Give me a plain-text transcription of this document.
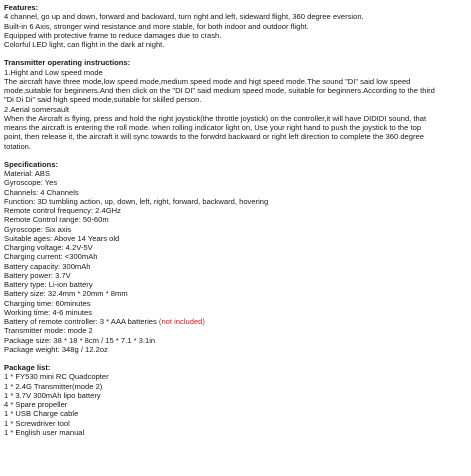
Features:
4 channel, go up and down, forward and backward, turn right and left, sideward flight, 360 degree eversion.
Built-in 6 Axis, stronger wind resistance and more stable, for both indoor and outdoor flight.
Equipped with protective frame to reduce damages due to crash.
Colorful LED light, can flight in the dark at night.
Transmitter operating instructions:
1.Hight and Low speed mode
The aircraft have three mode,low speed mode,medium speed mode and higt speed mode.The sound "DI" said low speed
mode,suitable for beginners.And then click on the "DI DI" said medium speed mode, suitable for beginners.According to the third
"Di Di Di" said high speed mode,suitable for skilled person.
2.Aerial somersault
When the Aircraft is flying, press and hold the right joystick(the throttle joystick) on the controller,it will have DIDIDI sound, that
means the aircraft is entering the roll mode. when rolling indicator light on, Use your right hand to push the joystick to the top
point, then release it, the aircraft it will sync towards to the forwdrd backward or right left direction to complete the 360 degree
totation.
Specifications:
Material: ABS
Gyroscope: Yes
Channels: 4 Channels
Function: 3D tumbling action, up, down, left, right, forward, backward, hovering
Remote control frequency: 2.4GHz
Remote Control range: 50-60m
Gyroscope: Six axis
Suitable ages: Above 14 Years old
Charging voltage: 4.2V-5V
Charging current: <300mAh
Battery capacity: 300mAh
Battery power: 3.7V
Battery type: Li-ion battery
Battery size: 32.4mm * 20mm * 8mm
Charging time: 60minutes
Working time: 4-6 minutes
Battery of remote controller: 3 * AAA batteries (not included)
Transmitter mode: mode 2
Package size: 38 * 18 * 8cm / 15 * 7.1 * 3.1in
Package weight: 348g / 12.2oz
Package list:
1 * FY530 mini RC Quadcopter
1 * 2.4G Transmitter(mode 2)
1 * 3.7V 300mAh lipo battery
4 * Spare propeller
1 * USB Charge cable
1 * Screwdriver tool
1 * English user manual
